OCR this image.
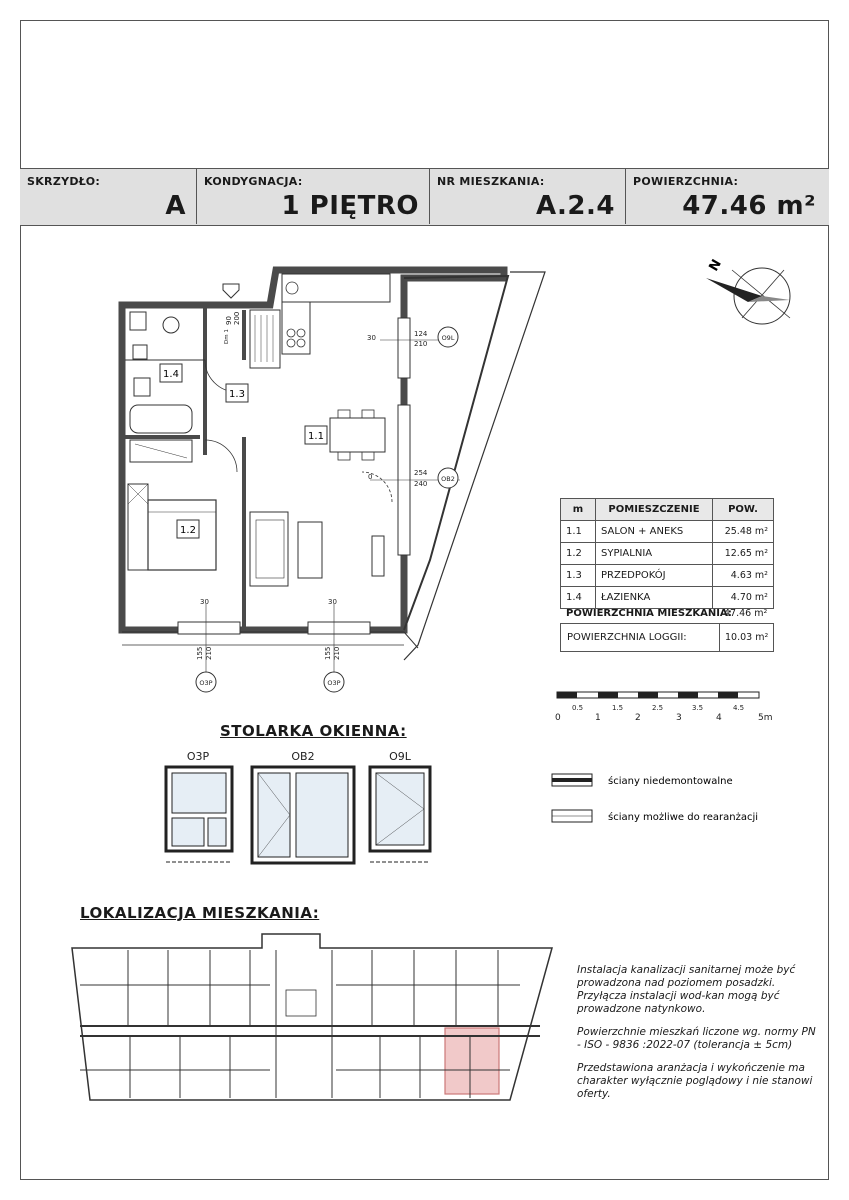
SKRZYDŁO:
A
KONDYGNACJA:
1 PIĘTRO
NR MIESZKANIA:
A.2.4
POWIERZCHNIA:
47.46 m²
1.1
1.2
1.3
1.4
30	124
210
O9L
0	254
240
OB2
30	30
155 210
O3P
155 210
O3P
90 200
Dm 1
N
0
0.5
1
1.5
2
2.5
3
3.5
4
4.5
5m
O3P	OB2	O9L
ściany niedemontowalne
ściany możliwe do rearanżacji
m	POMIESZCZENIE	POW.
1.1	SALON + ANEKS	25.48 m²
1.2	SYPIALNIA	12.65 m²
1.3	PRZEDPOKÓJ	4.63 m²
1.4	ŁAZIENKA	4.70 m²
POWIERZCHNIA MIESZKANIA:
47.46 m²
POWIERZCHNIA LOGGII:	10.03 m²
STOLARKA OKIENNA:
LOKALIZACJA MIESZKANIA:

Instalacja kanalizacji sanitarnej może być prowadzona nad poziomem posadzki. Przyłącza instalacji wod-kan mogą być prowadzone natynkowo.

Powierzchnie mieszkań liczone wg. normy PN - ISO - 9836 :2022-07 (tolerancja ± 5cm)

Przedstawiona aranżacja i wykończenie ma charakter wyłącznie poglądowy i nie stanowi oferty.
